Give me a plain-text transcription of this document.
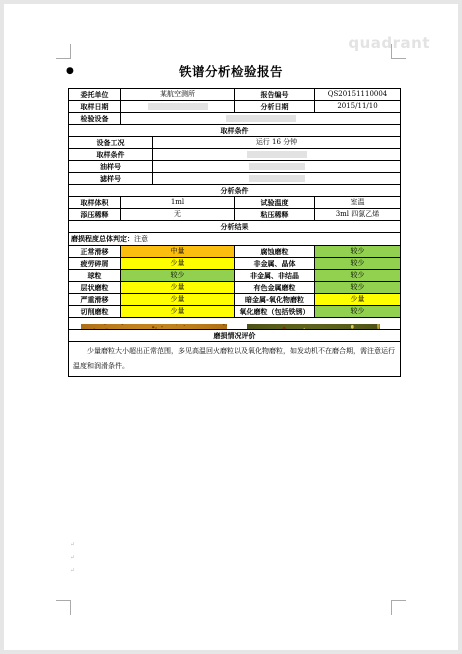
quadrant
●	铁谱分析检验报告
委托单位	某航空测所		报告编号	QS20151110004
取样日期			分析日期	2015/11/10
检验设备				
取样条件				
设备工况		运行 16 分钟		
取样条件				
油样号				
滤样号				
分析条件				
取样体积	1ml		试验温度	室温
添压稀释	无		粘压稀释	3ml 四氯乙烯
分析结果				
磨损程度总体判定：注意				
正常滑移	中量		腐蚀磨粒	较少
疲劳碎屑	少量		非金属、晶体	较少
球粒	较少		非金属、非结晶	较少
层状磨粒	少量		有色金属磨粒	较少
严重滑移	少量		暗金属-氧化物磨粒	少量
切削磨粒	少量		氧化磨粒（包括铁锈）	较少

磨损情况评价				
少量磨粒大小超出正常范围，多见高温回火磨粒以及氧化物磨粒，如发动机不在磨合期，需注意运行温度和润滑条件。				
↵
↵
↵
